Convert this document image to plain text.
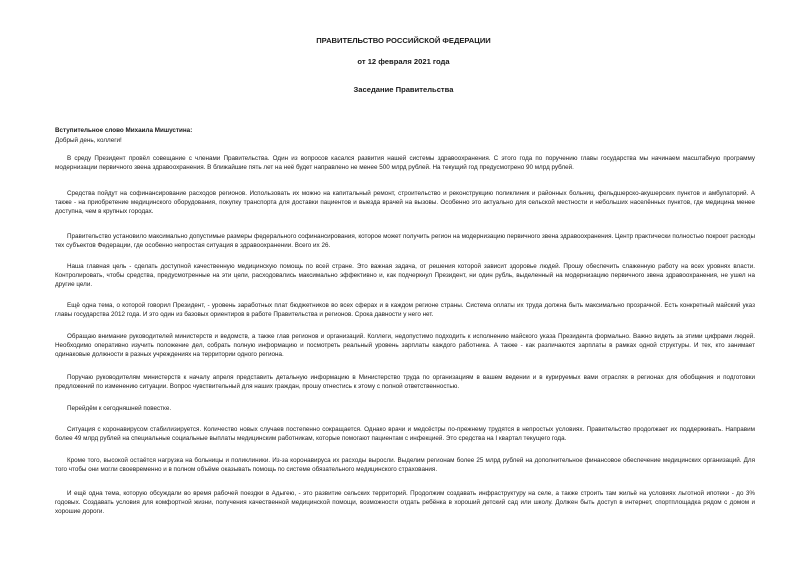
ПРАВИТЕЛЬСТВО РОССИЙСКОЙ ФЕДЕРАЦИИ
от 12 февраля 2021 года
Заседание Правительства
Вступительное слово Михаила Мишустина:
Добрый день, коллеги!

В среду Президент провёл совещание с членами Правительства. Один из вопросов касался развития нашей системы здравоохранения. С этого года по поручению главы государства мы начинаем масштабную программу модернизации первичного звена здравоохранения. В ближайшие пять лет на неё будет направлено не менее 500 млрд рублей. На текущий год предусмотрено 90 млрд рублей.

Средства пойдут на софинансирование расходов регионов. Использовать их можно на капитальный ремонт, строительство и реконструкцию поликлиник и районных больниц, фельдшерско-акушерских пунктов и амбулаторий. А также - на приобретение медицинского оборудования, покупку транспорта для доставки пациентов и выезда врачей на вызовы. Особенно это актуально для сельской местности и небольших населённых пунктов, где медицина менее доступна, чем в крупных городах.

Правительство установило максимально допустимые размеры федерального софинансирования, которое может получить регион на модернизацию первичного звена здравоохранения. Центр практически полностью покроет расходы тех субъектов Федерации, где особенно непростая ситуация в здравоохранении. Всего их 26.

Наша главная цель - сделать доступной качественную медицинскую помощь по всей стране. Это важная задача, от решения которой зависит здоровье людей. Прошу обеспечить слаженную работу на всех уровнях власти. Контролировать, чтобы средства, предусмотренные на эти цели, расходовались максимально эффективно и, как подчеркнул Президент, ни один рубль, выделенный на модернизацию первичного звена здравоохранения, не ушел на другие цели.

Ещё одна тема, о которой говорил Президент, - уровень заработных плат бюджетников во всех сферах и в каждом регионе страны. Система оплаты их труда должна быть максимально прозрачной. Есть конкретный майский указ главы государства 2012 года. И это один из базовых ориентиров в работе Правительства и регионов. Срока давности у него нет.

Обращаю внимание руководителей министерств и ведомств, а также глав регионов и организаций. Коллеги, недопустимо подходить к исполнению майского указа Президента формально. Важно видеть за этими цифрами людей. Необходимо оперативно изучить положение дел, собрать полную информацию и посмотреть реальный уровень зарплаты каждого работника. А также - как различаются зарплаты в рамках одной структуры. И тех, кто занимает одинаковые должности в разных учреждениях на территории одного региона.

Поручаю руководителям министерств к началу апреля представить детальную информацию в Министерство труда по организациям в вашем ведении и в курируемых вами отраслях в регионах для обобщения и подготовки предложений по изменению ситуации. Вопрос чувствительный для наших граждан, прошу отнестись к этому с полной ответственностью.

Перейдём к сегодняшней повестке.

Ситуация с коронавирусом стабилизируется. Количество новых случаев постепенно сокращается. Однако врачи и медсёстры по-прежнему трудятся в непростых условиях. Правительство продолжает их поддерживать. Направим более 49 млрд рублей на специальные социальные выплаты медицинским работникам, которые помогают пациентам с инфекцией. Это средства на I квартал текущего года.

Кроме того, высокой остаётся нагрузка на больницы и поликлиники. Из-за коронавируса их расходы выросли. Выделим регионам более 25 млрд рублей на дополнительное финансовое обеспечение медицинских организаций. Для того чтобы они могли своевременно и в полном объёме оказывать помощь по системе обязательного медицинского страхования.

И ещё одна тема, которую обсуждали во время рабочей поездки в Адыгею, - это развитие сельских территорий. Продолжим создавать инфраструктуру на селе, а также строить там жильё на условиях льготной ипотеки - до 3% годовых. Создавать условия для комфортной жизни, получения качественной медицинской помощи, возможности отдать ребёнка в хороший детский сад или школу. Должен быть доступ в интернет, спортплощадка рядом с домом и хорошие дороги.
